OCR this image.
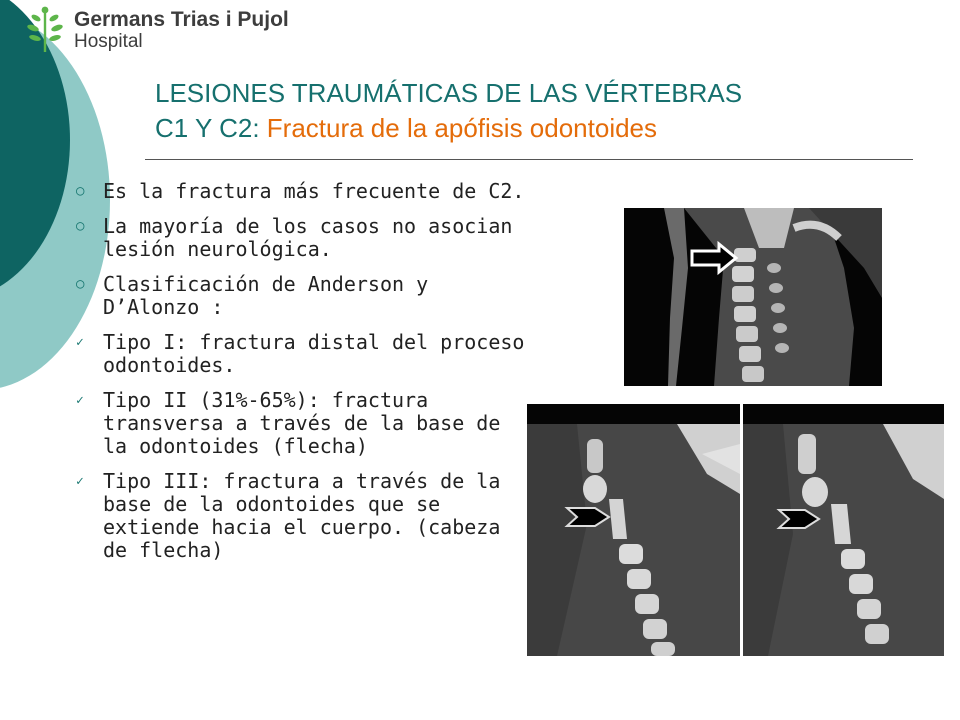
Germans Trias i Pujol
Hospital
LESIONES TRAUMÁTICAS DE LAS VÉRTEBRAS
C1 Y C2: Fractura de la apófisis odontoides
○ Es la fractura más frecuente de C2.
○ La mayoría de los casos no asocian lesión neurológica.
○ Clasificación de Anderson y D’Alonzo :
✓ Tipo I: fractura distal del proceso odontoides.
✓ Tipo II (31%-65%): fractura transversa a través de la base de la odontoides (flecha)
✓ Tipo III: fractura a través de la base de la odontoides que se extiende hacia el cuerpo. (cabeza de flecha)
